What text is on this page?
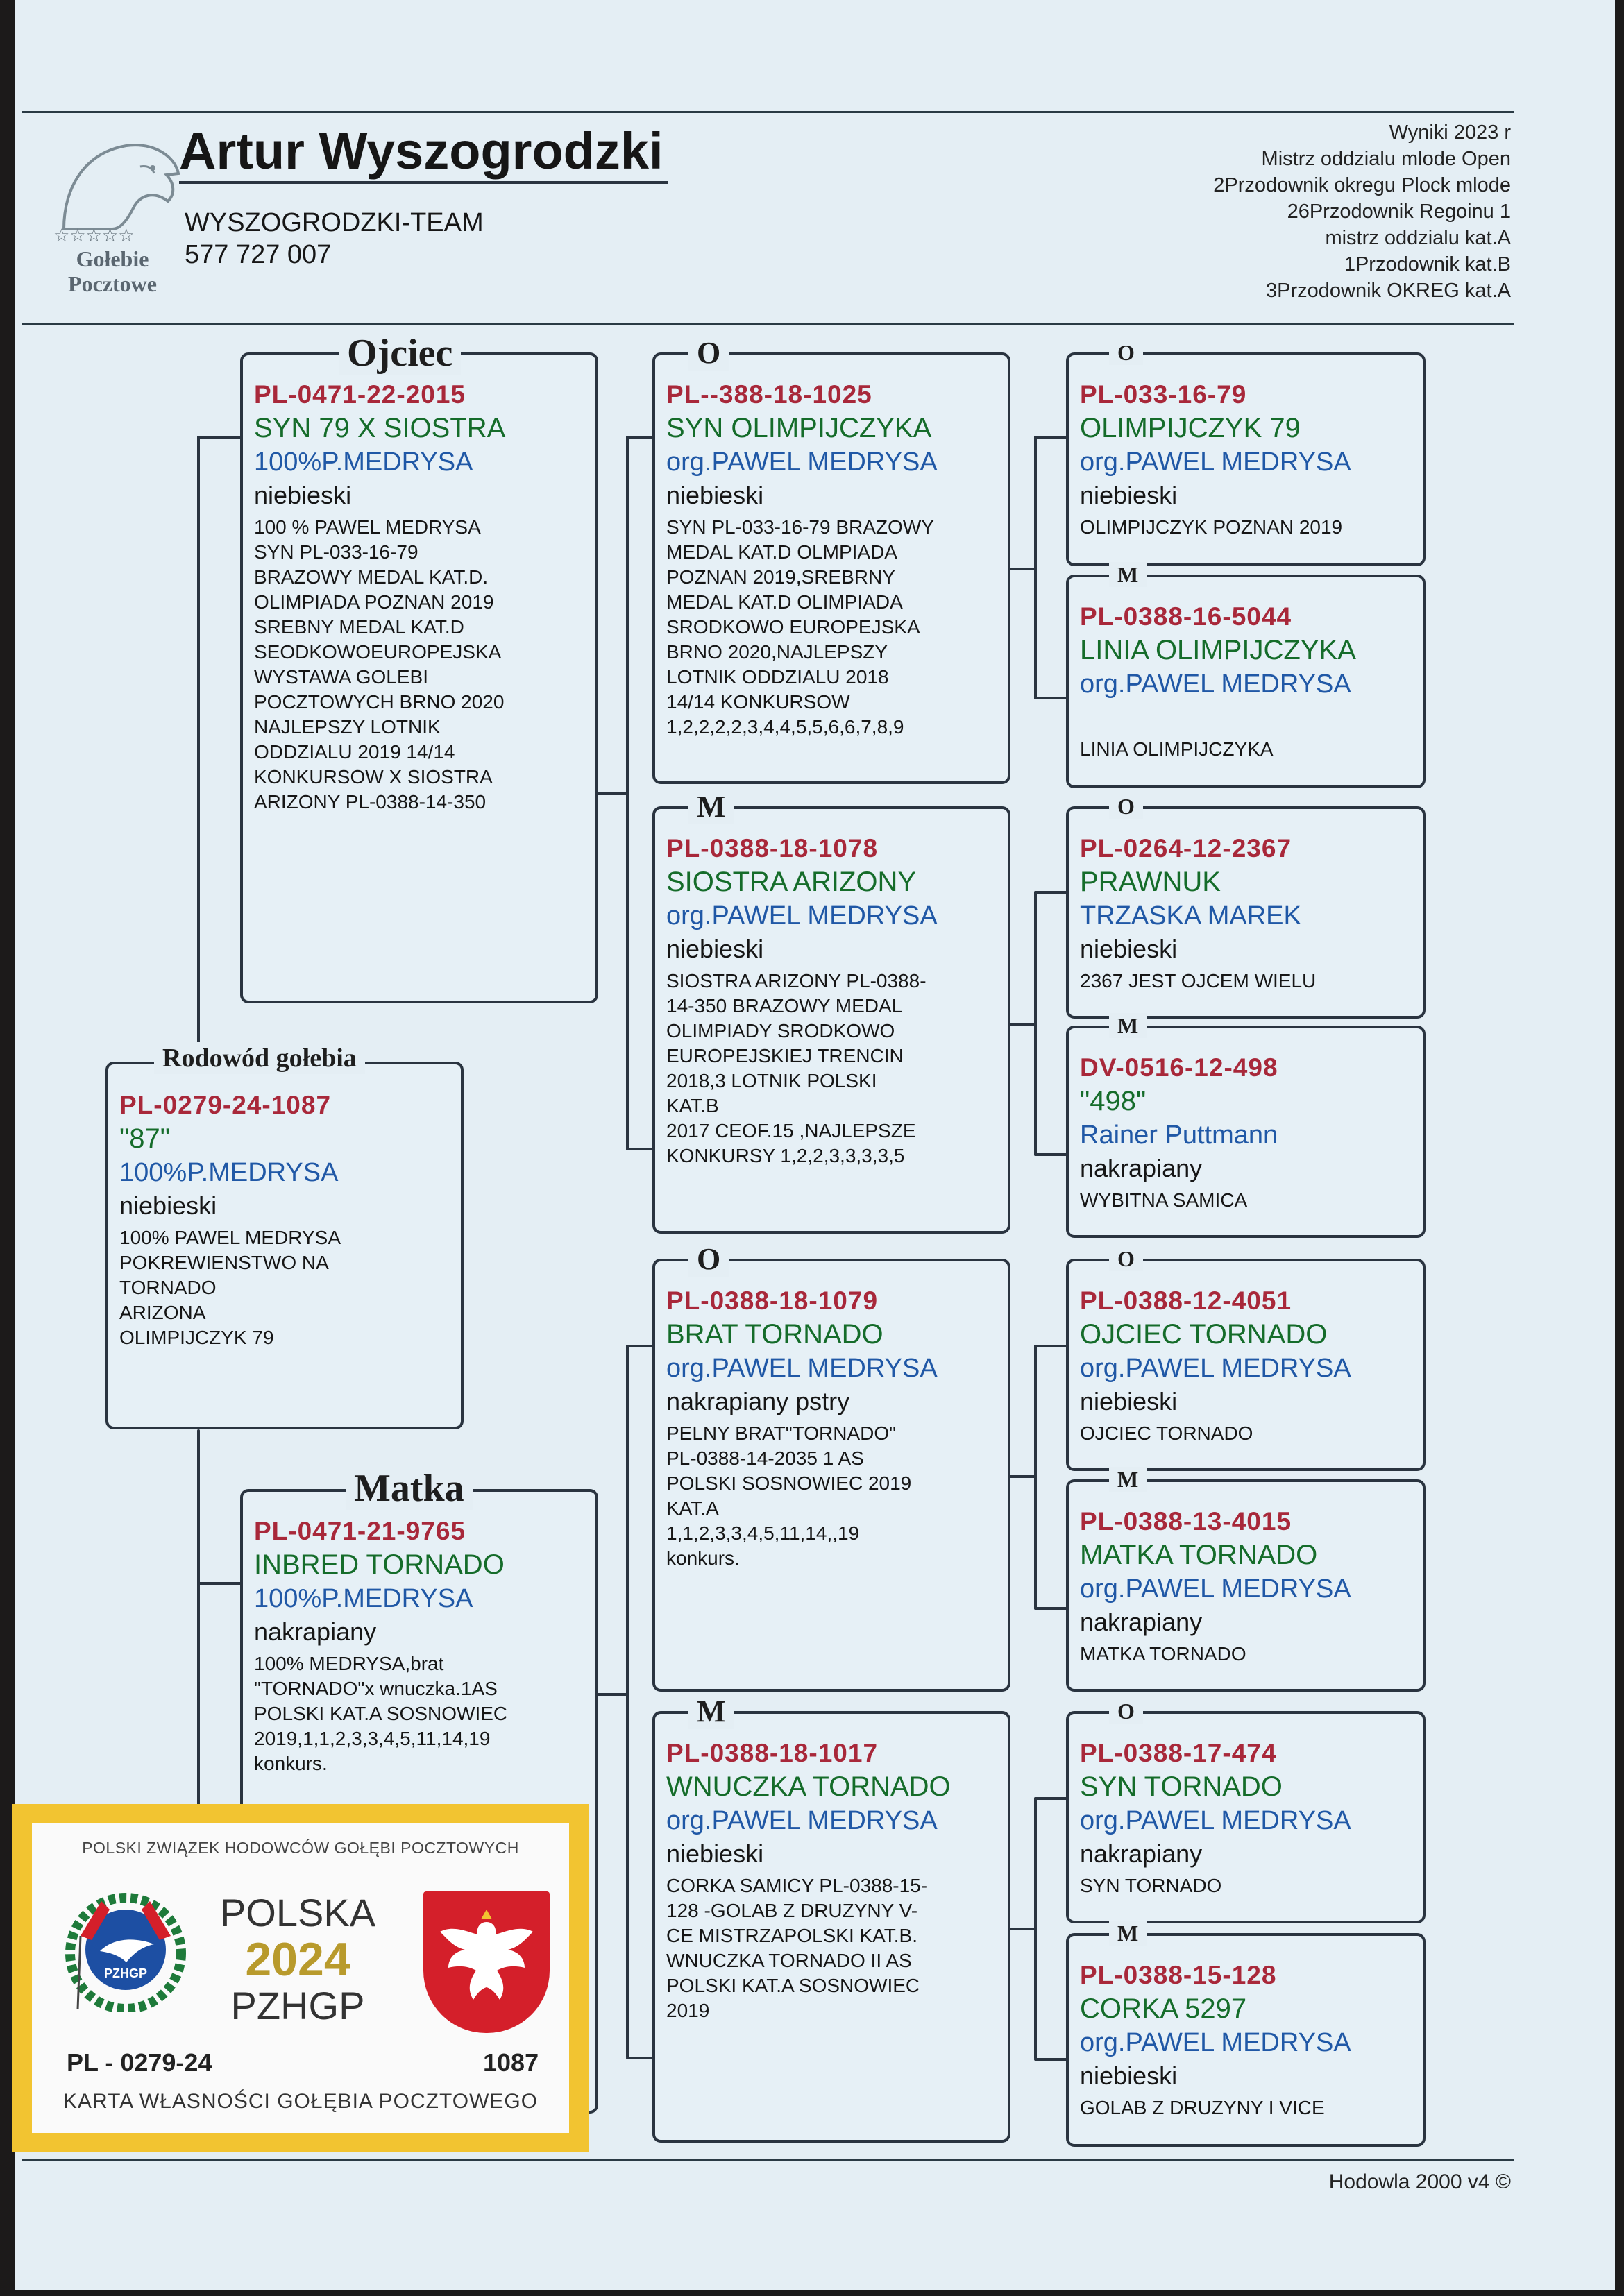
☆☆☆☆☆
Gołebie
Pocztowe
Artur Wyszogrodzki
WYSZOGRODZKI-TEAM
577 727 007
Wyniki 2023 r
Mistrz oddzialu mlode Open
2Przodownik okregu Plock mlode
26Przodownik Regoinu 1
mistrz oddzialu kat.A
1Przodownik kat.B
3Przodownik OKREG kat.A
PL-0279-24-1087
"87"
100%P.MEDRYSA
niebieski
100% PAWEL MEDRYSA
POKREWIENSTWO NA
TORNADO
ARIZONA
OLIMPIJCZYK 79
Rodowód gołebia
PL-0471-22-2015
SYN 79 X SIOSTRA
100%P.MEDRYSA
niebieski
100 % PAWEL MEDRYSA
SYN PL-033-16-79
BRAZOWY MEDAL KAT.D.
OLIMPIADA POZNAN 2019
SREBNY MEDAL KAT.D
SEODKOWOEUROPEJSKA
WYSTAWA GOLEBI
POCZTOWYCH BRNO 2020
NAJLEPSZY LOTNIK
ODDZIALU 2019 14/14
KONKURSOW X SIOSTRA
ARIZONY PL-0388-14-350
Ojciec
PL-0471-21-9765
INBRED TORNADO
100%P.MEDRYSA
nakrapiany
100% MEDRYSA,brat
"TORNADO"x wnuczka.1AS
POLSKI KAT.A SOSNOWIEC
2019,1,1,2,3,3,4,5,11,14,19
konkurs.
Matka
PL--388-18-1025
SYN OLIMPIJCZYKA
org.PAWEL MEDRYSA
niebieski
SYN PL-033-16-79 BRAZOWY
MEDAL KAT.D OLMPIADA
POZNAN 2019,SREBRNY
MEDAL KAT.D OLIMPIADA
SRODKOWO EUROPEJSKA
BRNO 2020,NAJLEPSZY
LOTNIK ODDZIALU 2018
14/14 KONKURSOW
1,2,2,2,2,3,4,4,5,5,6,6,7,8,9
O
PL-0388-18-1078
SIOSTRA ARIZONY
org.PAWEL MEDRYSA
niebieski
SIOSTRA ARIZONY PL-0388-
14-350 BRAZOWY MEDAL
OLIMPIADY SRODKOWO
EUROPEJSKIEJ TRENCIN
2018,3 LOTNIK POLSKI
KAT.B
2017 CEOF.15 ,NAJLEPSZE
KONKURSY 1,2,2,3,3,3,3,5
M
PL-0388-18-1079
BRAT TORNADO
org.PAWEL MEDRYSA
nakrapiany pstry
PELNY BRAT"TORNADO"
PL-0388-14-2035 1 AS
POLSKI SOSNOWIEC 2019
KAT.A
1,1,2,3,3,4,5,11,14,,19
konkurs.
O
PL-0388-18-1017
WNUCZKA TORNADO
org.PAWEL MEDRYSA
niebieski
CORKA SAMICY PL-0388-15-
128 -GOLAB Z DRUZYNY V-
CE MISTRZAPOLSKI KAT.B.
WNUCZKA TORNADO II AS
POLSKI KAT.A SOSNOWIEC
2019
M
PL-033-16-79
OLIMPIJCZYK 79
org.PAWEL MEDRYSA
niebieski
OLIMPIJCZYK POZNAN 2019
O
PL-0388-16-5044
LINIA OLIMPIJCZYKA
org.PAWEL MEDRYSA
LINIA OLIMPIJCZYKA
M
PL-0264-12-2367
PRAWNUK
TRZASKA MAREK
niebieski
2367 JEST OJCEM WIELU
O
DV-0516-12-498
"498"
Rainer Puttmann
nakrapiany
WYBITNA SAMICA
M
PL-0388-12-4051
OJCIEC TORNADO
org.PAWEL MEDRYSA
niebieski
OJCIEC TORNADO
O
PL-0388-13-4015
MATKA TORNADO
org.PAWEL MEDRYSA
nakrapiany
MATKA TORNADO
M
PL-0388-17-474
SYN TORNADO
org.PAWEL MEDRYSA
nakrapiany
SYN TORNADO
O
PL-0388-15-128
CORKA 5297
org.PAWEL MEDRYSA
niebieski
GOLAB Z DRUZYNY I VICE
M
Hodowla 2000 v4 ©
POLSKI ZWIĄZEK HODOWCÓW GOŁĘBI POCZTOWYCH
PZHGP
POLSKA
2024
PZHGP
PL - 0279-24	1087
KARTA WŁASNOŚCI GOŁĘBIA POCZTOWEGO
